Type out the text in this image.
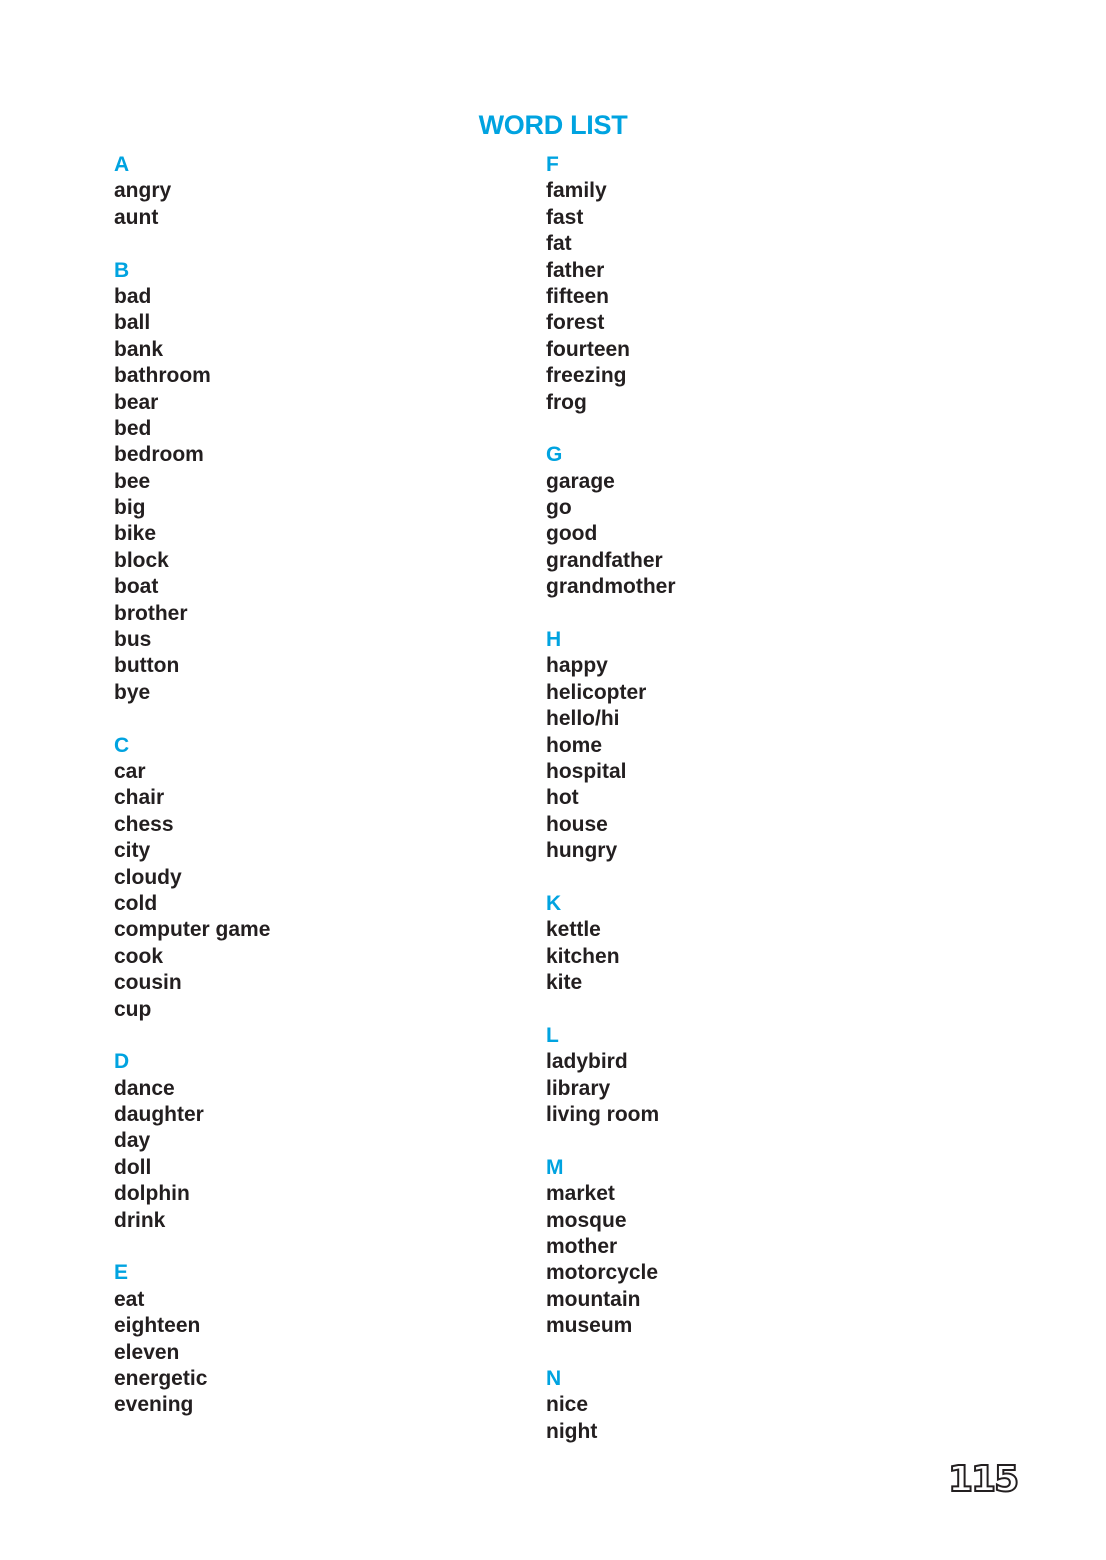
WORD LIST
A
angry
aunt
B
bad
ball
bank
bathroom
bear
bed
bedroom
bee
big
bike
block
boat
brother
bus
button
bye
C
car
chair
chess
city
cloudy
cold
computer game
cook
cousin
cup
D
dance
daughter
day
doll
dolphin
drink
E
eat
eighteen
eleven
energetic
evening
F
family
fast
fat
father
fifteen
forest
fourteen
freezing
frog
G
garage
go
good
grandfather
grandmother
H
happy
helicopter
hello/hi
home
hospital
hot
house
hungry
K
kettle
kitchen
kite
L
ladybird
library
living room
M
market
mosque
mother
motorcycle
mountain
museum
N
nice
night
115
